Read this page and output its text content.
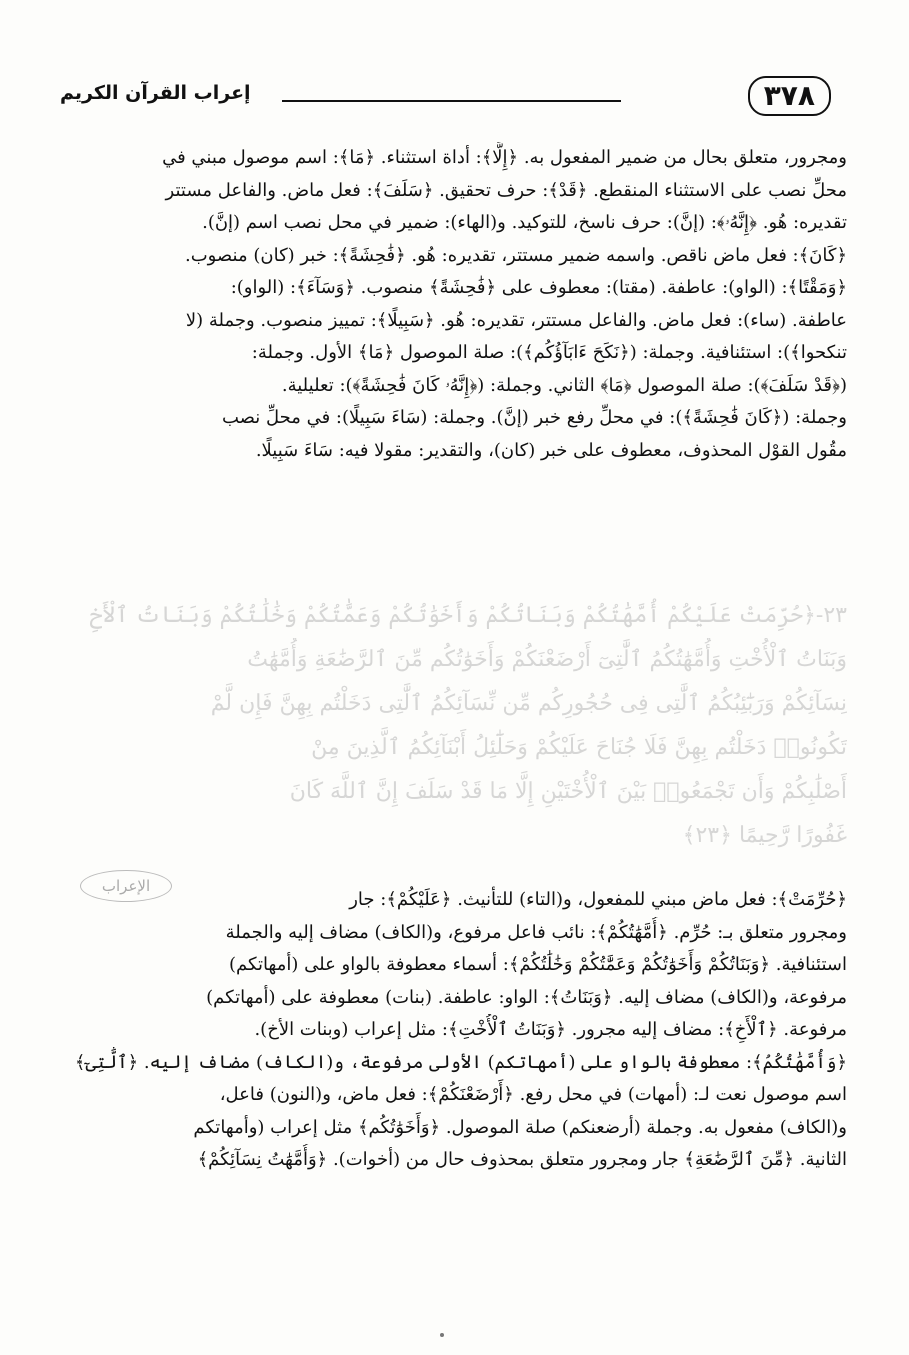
٣٧٨
إعراب القرآن الكريم
ومجرور، متعلق بحال من ضمير المفعول به. ﴿إِلَّا﴾: أداة استثناء. ﴿مَا﴾: اسم موصول مبني في
محلِّ نصب على الاستثناء المنقطع. ﴿قَدْ﴾: حرف تحقيق. ﴿سَلَفَ﴾: فعل ماض. والفاعل مستتر
تقديره: هُو. ﴿إِنَّهُۥ﴾: (إنَّ): حرف ناسخ، للتوكيد. و(الهاء): ضمير في محل نصب اسم (إنَّ).
﴿كَانَ﴾: فعل ماض ناقص. واسمه ضمير مستتر، تقديره: هُو. ﴿فَٰحِشَةً﴾: خبر (كان) منصوب.
﴿وَمَقْتًا﴾: (الواو): عاطفة. (مقتا): معطوف على ﴿فَٰحِشَةً﴾ منصوب. ﴿وَسَآءَ﴾: (الواو):
عاطفة. (ساء): فعل ماض. والفاعل مستتر، تقديره: هُو. ﴿سَبِيلًا﴾: تمييز منصوب. وجملة (لا
تنكحوا﴾): استئنافية. وجملة: (﴿نَكَحَ ءَابَآؤُكُم﴾): صلة الموصول ﴿مَا﴾ الأول. وجملة:
(﴿قَدْ سَلَفَ﴾): صلة الموصول ﴿مَا﴾ الثاني. وجملة: (﴿إِنَّهُۥ كَانَ فَٰحِشَةً﴾): تعليلية.
وجملة: (﴿كَانَ فَٰحِشَةً﴾): في محلِّ رفع خبر (إنَّ). وجملة: (سَاءَ سَبِيلًا): في محلِّ نصب
مقُول القوْل المحذوف، معطوف على خبر (كان)، والتقدير: مقولا فيه: سَاءَ سَبِيلًا.
٢٣-﴿حُرِّمَتْ عَلَيْكُمْ أُمَّهَٰتُكُمْ وَبَنَاتُكُمْ وَأَخَوَٰتُكُمْ وَعَمَّٰتُكُمْ وَخَٰلَٰتُكُمْ وَبَنَاتُ ٱلْأَخِ
وَبَنَاتُ ٱلْأُخْتِ وَأُمَّهَٰتُكُمُ ٱلَّٰتِىٓ أَرْضَعْنَكُمْ وَأَخَوَٰتُكُم مِّنَ ٱلرَّضَٰعَةِ وَأُمَّهَٰتُ
نِسَآئِكُمْ وَرَبَٰٓئِبُكُمُ ٱلَّٰتِى فِى حُجُورِكُم مِّن نِّسَآئِكُمُ ٱلَّٰتِى دَخَلْتُم بِهِنَّ فَإِن لَّمْ
تَكُونُوا۟ دَخَلْتُم بِهِنَّ فَلَا جُنَاحَ عَلَيْكُمْ وَحَلَٰٓئِلُ أَبْنَآئِكُمُ ٱلَّذِينَ مِنْ
أَصْلَٰبِكُمْ وَأَن تَجْمَعُوا۟ بَيْنَ ٱلْأُخْتَيْنِ إِلَّا مَا قَدْ سَلَفَ إِنَّ ٱللَّهَ كَانَ
غَفُورًا رَّحِيمًا ﴿٢٣﴾
الإعراب
﴿حُرِّمَتْ﴾: فعل ماض مبني للمفعول، و(التاء) للتأنيث. ﴿عَلَيْكُمْ﴾: جار
ومجرور متعلق بـ: حُرِّم. ﴿أُمَّهَٰتُكُمْ﴾: نائب فاعل مرفوع، و(الكاف) مضاف إليه والجملة
استئنافية. ﴿وَبَنَاتُكُمْ وَأَخَوَٰتُكُمْ وَعَمَّٰتُكُمْ وَخَٰلَٰتُكُمْ﴾: أسماء معطوفة بالواو على (أمهاتكم)
مرفوعة، و(الكاف) مضاف إليه. ﴿وَبَنَاتُ﴾: الواو: عاطفة. (بنات) معطوفة على (أمهاتكم)
مرفوعة. ﴿ٱلْأَخِ﴾: مضاف إليه مجرور. ﴿وَبَنَاتُ ٱلْأُخْتِ﴾: مثل إعراب (وبنات الأخ).
﴿وَأُمَّهَٰتُكُمُ﴾: معطوفة بالواو على (أمهاتكم) الأولى مرفوعة، و(الكاف) مضاف إليه. ﴿ٱلَّٰتِىٓ﴾
اسم موصول نعت لـ: (أمهات) في محل رفع. ﴿أَرْضَعْنَكُمْ﴾: فعل ماض، و(النون) فاعل،
و(الكاف) مفعول به. وجملة (أرضعنكم) صلة الموصول. ﴿وَأَخَوَٰتُكُم﴾ مثل إعراب (وأمهاتكم
الثانية. ﴿مِّنَ ٱلرَّضَٰعَةِ﴾ جار ومجرور متعلق بمحذوف حال من (أخوات). ﴿وَأُمَّهَٰتُ نِسَآئِكُمْ﴾
